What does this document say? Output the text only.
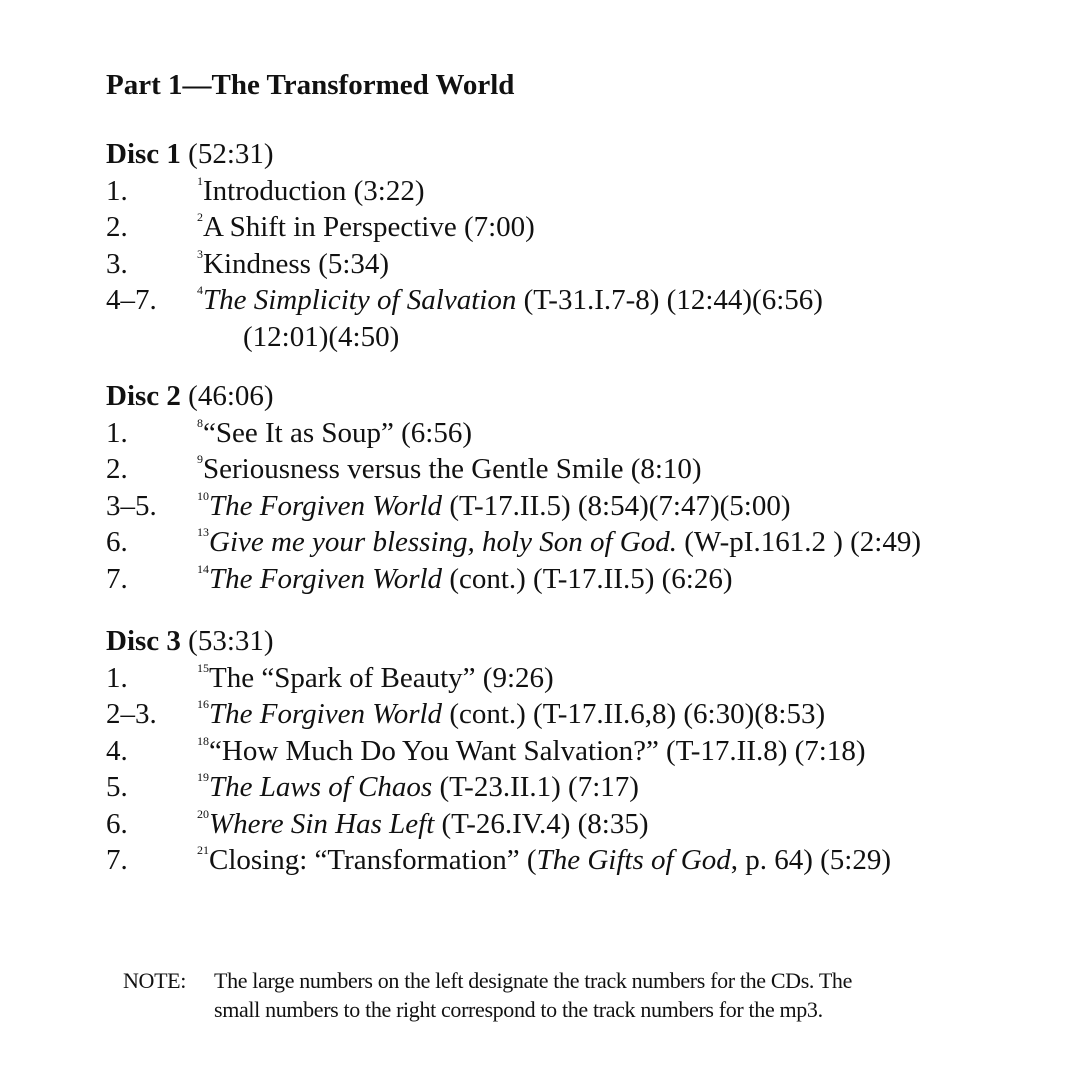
Part 1—The Transformed World
Disc 1 (52:31)
1.	$^1$Introduction (3:22)
2.	$^2$A Shift in Perspective (7:00)
3.	$^3$Kindness (5:34)
4–7.	$^4$The Simplicity of Salvation (T-31.I.7-8) (12:44)(6:56)
(12:01)(4:50)
Disc 2 (46:06)
1.	$^8$“See It as Soup” (6:56)
2.	$^9$Seriousness versus the Gentle Smile (8:10)
3–5.	$^{10}$The Forgiven World (T-17.II.5) (8:54)(7:47)(5:00)
6.	$^{13}$Give me your blessing, holy Son of God. (W-pI.161.2 ) (2:49)
7.	$^{14}$The Forgiven World (cont.) (T-17.II.5) (6:26)
Disc 3 (53:31)
1.	$^{15}$The “Spark of Beauty” (9:26)
2–3.	$^{16}$The Forgiven World (cont.) (T-17.II.6,8) (6:30)(8:53)
4.	$^{18}$“How Much Do You Want Salvation?” (T-17.II.8) (7:18)
5.	$^{19}$The Laws of Chaos (T-23.II.1) (7:17)
6.	$^{20}$Where Sin Has Left (T-26.IV.4) (8:35)
7.	$^{21}$Closing: “Transformation” (The Gifts of God, p. 64) (5:29)
NOTE: The large numbers on the left designate the track numbers for the CDs. The
small numbers to the right correspond to the track numbers for the mp3.
